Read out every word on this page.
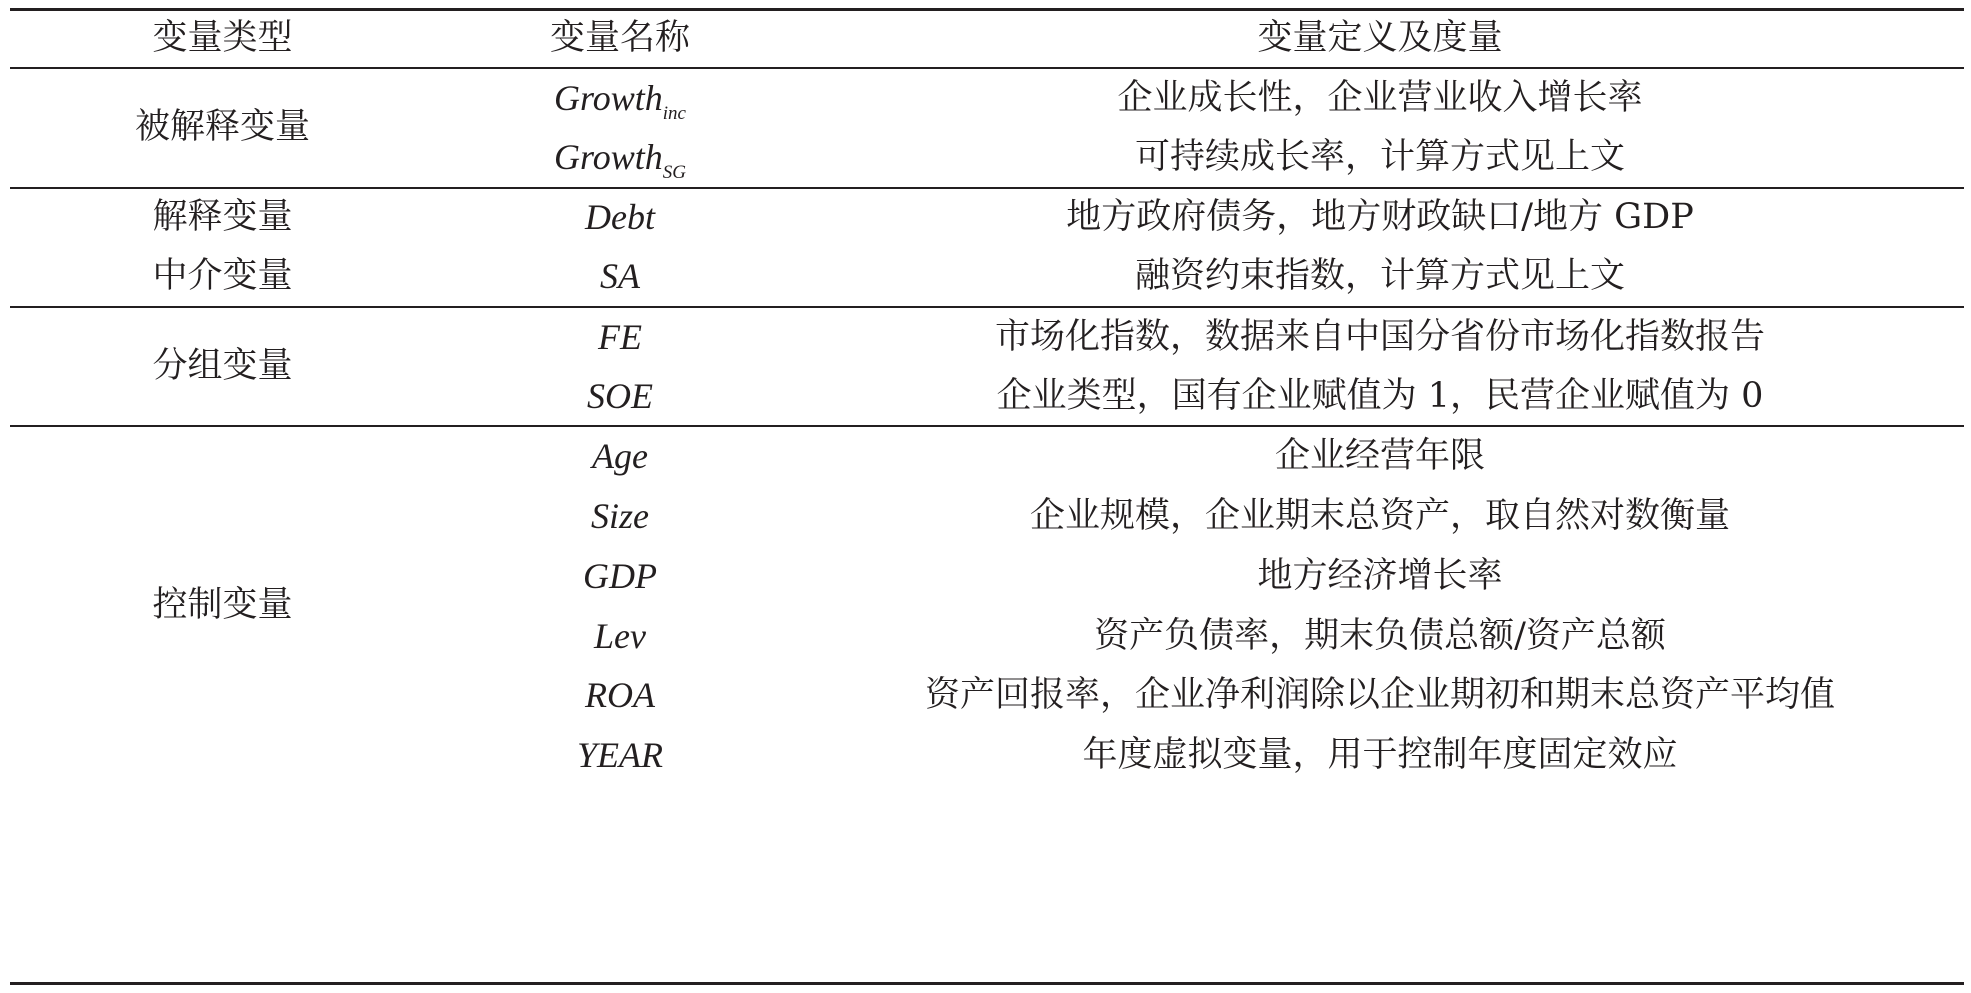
变量类型	变量名称	变量定义及度量
被解释变量
Growth$_{inc}$	企业成长性，企业营业收入增长率
Growth$_{SG}$	可持续成长率，计算方式见上文
解释变量	Debt	地方政府债务，地方财政缺口/地方 GDP
中介变量	SA	融资约束指数，计算方式见上文
分组变量
FE	市场化指数，数据来自中国分省份市场化指数报告
SOE	企业类型，国有企业赋值为 1，民营企业赋值为 0
控制变量
Age	企业经营年限
Size	企业规模，企业期末总资产，取自然对数衡量
GDP	地方经济增长率
Lev	资产负债率，期末负债总额/资产总额
ROA	资产回报率，企业净利润除以企业期初和期末总资产平均值
YEAR	年度虚拟变量，用于控制年度固定效应
